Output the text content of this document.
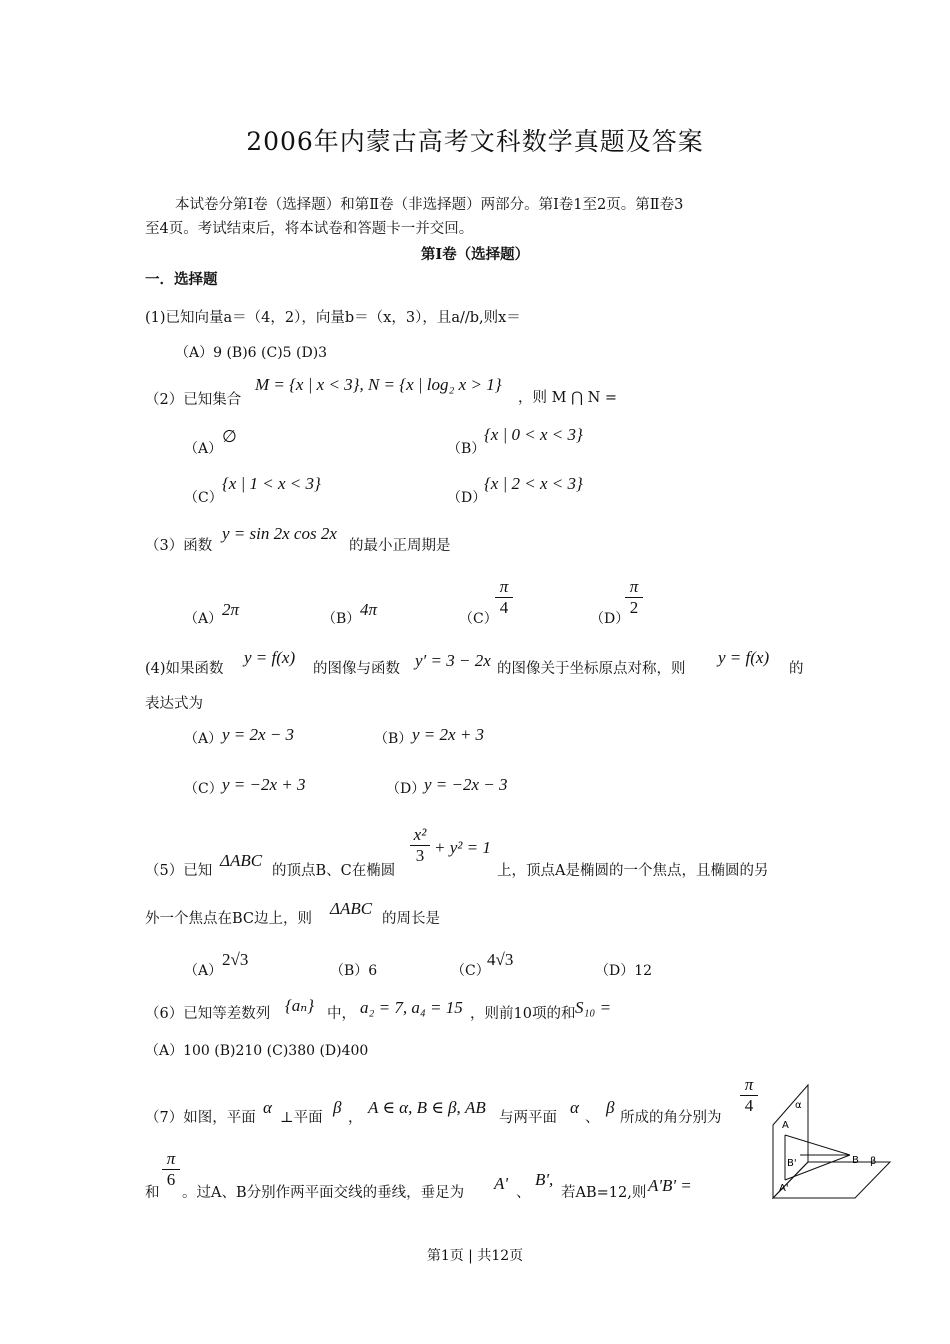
2006年内蒙古高考文科数学真题及答案
本试卷分第Ⅰ卷（选择题）和第Ⅱ卷（非选择题）两部分。第Ⅰ卷1至2页。第Ⅱ卷3
至4页。考试结束后，将本试卷和答题卡一并交回。
第Ⅰ卷（选择题）
一．选择题
(1)已知向量a＝（4，2），向量b＝（x，3），且a//b,则x＝
（A）9 (B)6 (C)5 (D)3
（2）已知集合
M = {x | x < 3}, N = {x | log₂ x > 1}
，则 M ⋂ N =
（A）
∅
（B）
{x | 0 < x < 3}
（C）
{x | 1 < x < 3}
（D）
{x | 2 < x < 3}
（3）函数
y = sin 2x cos 2x
的最小正周期是
（A） 2π	（B） 4π	（C）
π
4
（D）
π
2
(4)如果函数
y = f(x)
的图像与函数 y′ = 3 − 2x 的图像关于坐标原点对称，则
y = f(x)
的
表达式为
（A） y = 2x − 3	（B） y = 2x + 3
（C） y = −2x + 3	（D）
y = −2x − 3
（5）已知
ΔABC
的顶点B、C在椭圆
x²
3 + y² = 1
上，顶点A是椭圆的一个焦点，且椭圆的另
外一个焦点在BC边上，则
ΔABC
的周长是
（A）
2√3
（B）6	（C）
4√3
（D）12
（6）已知等差数列 {aₙ} 中， a₂ = 7, a₄ = 15 ，则前10项的和 S₁₀ =
（A）100 (B)210 (C)380 (D)400
（7）如图，平面
α
⊥平面
β
，
A ∈ α, B ∈ β, AB
与两平面
α
、
β
所成的角分别为
π
4
和
π
6
。过A、B分别作两平面交线的垂线，垂足为 A' 、
B',
若AB=12,则 A'B' =
α
A
B'	B β
A'
第1页 | 共12页
